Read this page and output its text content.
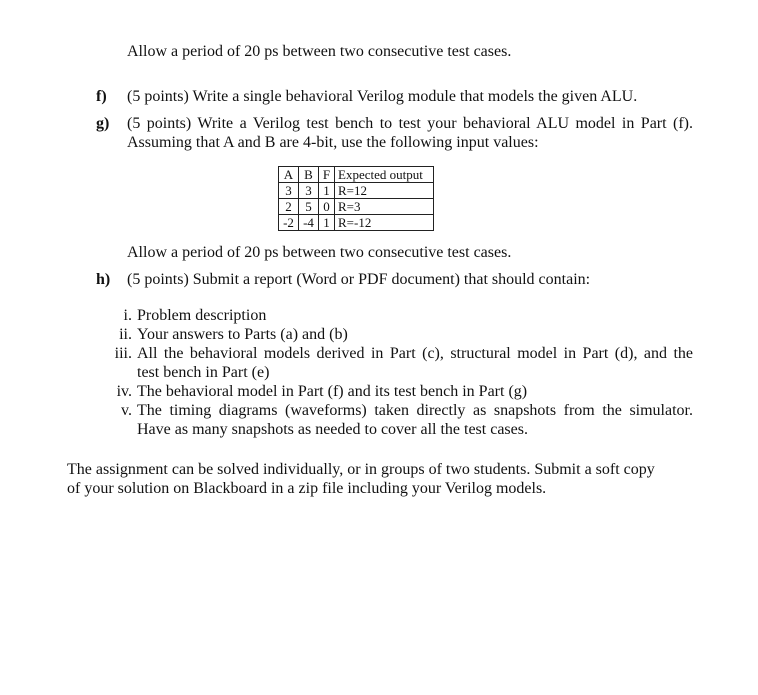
Allow a period of 20 ps between two consecutive test cases.
f) (5 points) Write a single behavioral Verilog module that models the given ALU.
g) (5 points) Write a Verilog test bench to test your behavioral ALU model in Part (f).
Assuming that A and B are 4-bit, use the following input values:
A	B	F	Expected output
3	3	1	R=12
2	5	0	R=3
-2	-4	1	R=-12
Allow a period of 20 ps between two consecutive test cases.
h) (5 points) Submit a report (Word or PDF document) that should contain:
i. Problem description
ii. Your answers to Parts (a) and (b)
iii. All the behavioral models derived in Part (c), structural model in Part (d), and the
test bench in Part (e)
iv. The behavioral model in Part (f) and its test bench in Part (g)
v. The timing diagrams (waveforms) taken directly as snapshots from the simulator.
Have as many snapshots as needed to cover all the test cases.
The assignment can be solved individually, or in groups of two students. Submit a soft copy
of your solution on Blackboard in a zip file including your Verilog models.
